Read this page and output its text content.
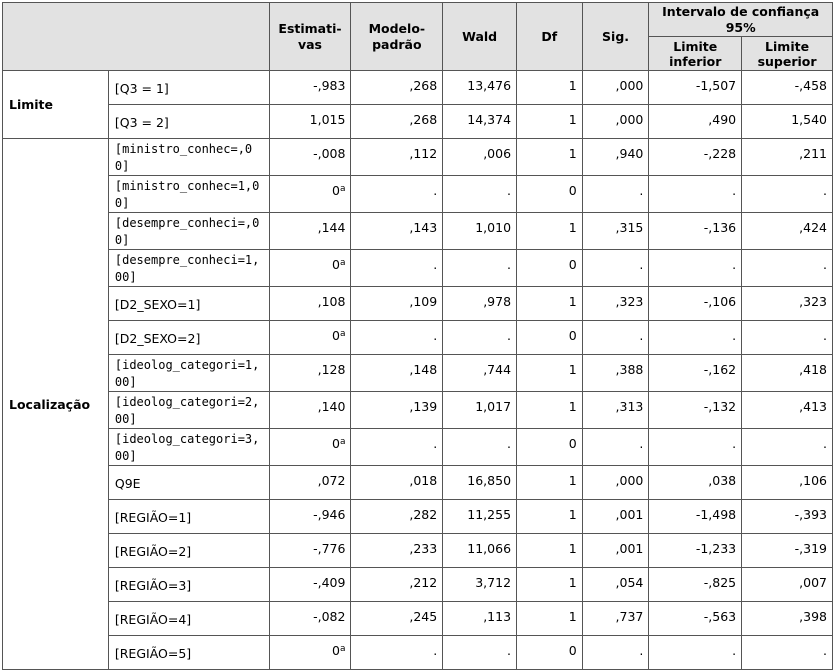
		Estimati-vas	Modelo-padrão	Wald	Df	Sig.	Intervalo de confiança 95%	
							Limite inferior	Limite superior
Limite	[Q3 = 1]	-,983	,268	13,476	1	,000	-1,507	-,458
	[Q3 = 2]	1,015	,268	14,374	1	,000	,490	1,540
Localização	[ministro_conhec=,00]	-,008	,112	,006	1	,940	-,228	,211
	[ministro_conhec=1,00]	0$^a$	.	.	0	.	.	.
	[desempre_conheci=,00]	,144	,143	1,010	1	,315	-,136	,424
	[desempre_conheci=1,00]	0$^a$	.	.	0	.	.	.
	[D2_SEXO=1]	,108	,109	,978	1	,323	-,106	,323
	[D2_SEXO=2]	0$^a$	.	.	0	.	.	.
	[ideolog_categori=1,00]	,128	,148	,744	1	,388	-,162	,418
	[ideolog_categori=2,00]	,140	,139	1,017	1	,313	-,132	,413
	[ideolog_categori=3,00]	0$^a$	.	.	0	.	.	.
	Q9E	,072	,018	16,850	1	,000	,038	,106
	[REGIÃO=1]	-,946	,282	11,255	1	,001	-1,498	-,393
	[REGIÃO=2]	-,776	,233	11,066	1	,001	-1,233	-,319
	[REGIÃO=3]	-,409	,212	3,712	1	,054	-,825	,007
	[REGIÃO=4]	-,082	,245	,113	1	,737	-,563	,398
	[REGIÃO=5]	0$^a$	.	.	0	.	.	.
